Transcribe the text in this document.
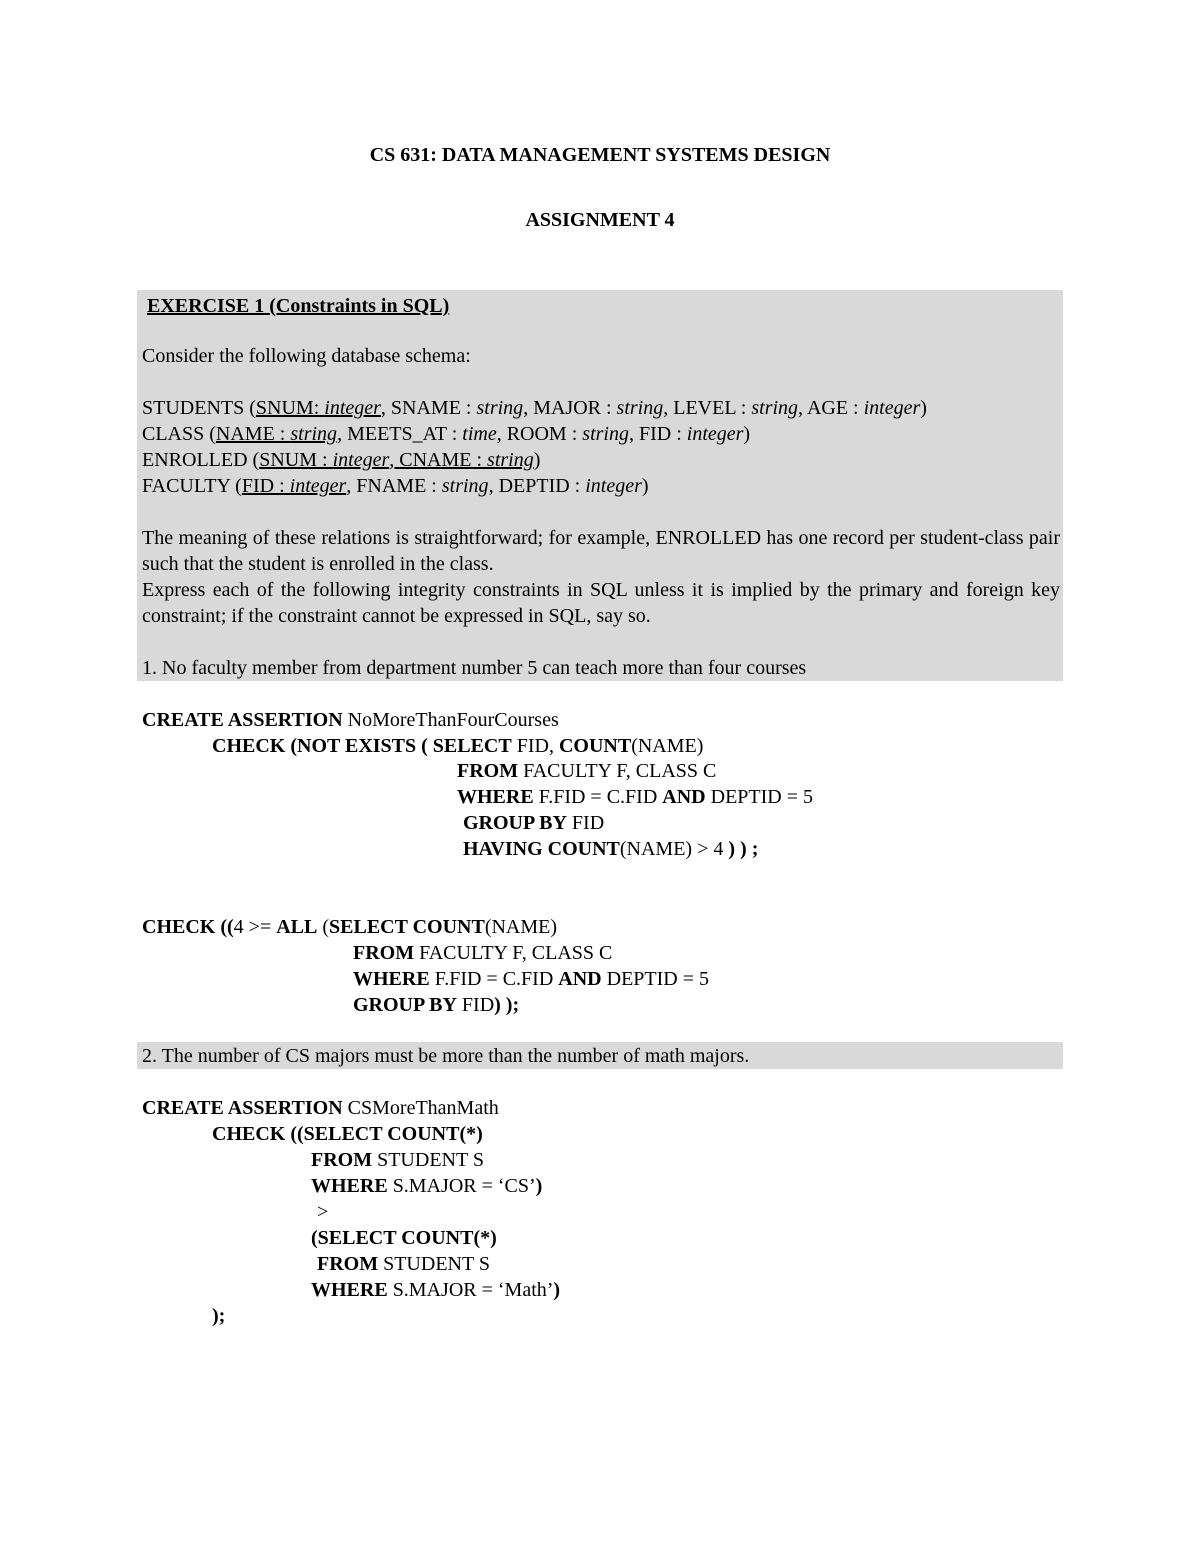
CS 631: DATA MANAGEMENT SYSTEMS DESIGN
ASSIGNMENT 4
EXERCISE 1 (Constraints in SQL)
Consider the following database schema:
STUDENTS (SNUM: integer, SNAME : string, MAJOR : string, LEVEL : string, AGE : integer)
CLASS (NAME : string, MEETS_AT : time, ROOM : string, FID : integer)
ENROLLED (SNUM : integer, CNAME : string)
FACULTY (FID : integer, FNAME : string, DEPTID : integer)
The meaning of these relations is straightforward; for example, ENROLLED has one record per student-class pair such that the student is enrolled in the class.
Express each of the following integrity constraints in SQL unless it is implied by the primary and foreign key constraint; if the constraint cannot be expressed in SQL, say so.
1. No faculty member from department number 5 can teach more than four courses
CREATE ASSERTION NoMoreThanFourCourses
CHECK (NOT EXISTS ( SELECT FID, COUNT(NAME)
FROM FACULTY F, CLASS C
WHERE F.FID = C.FID AND DEPTID = 5
GROUP BY FID
HAVING COUNT(NAME) > 4 ) ) ;
CHECK ((4 >= ALL (SELECT COUNT(NAME)
FROM FACULTY F, CLASS C
WHERE F.FID = C.FID AND DEPTID = 5
GROUP BY FID) );
2. The number of CS majors must be more than the number of math majors.
CREATE ASSERTION CSMoreThanMath
CHECK ((SELECT COUNT(*)
FROM STUDENT S
WHERE S.MAJOR = ‘CS’)
>
(SELECT COUNT(*)
FROM STUDENT S
WHERE S.MAJOR = ‘Math’)
);
